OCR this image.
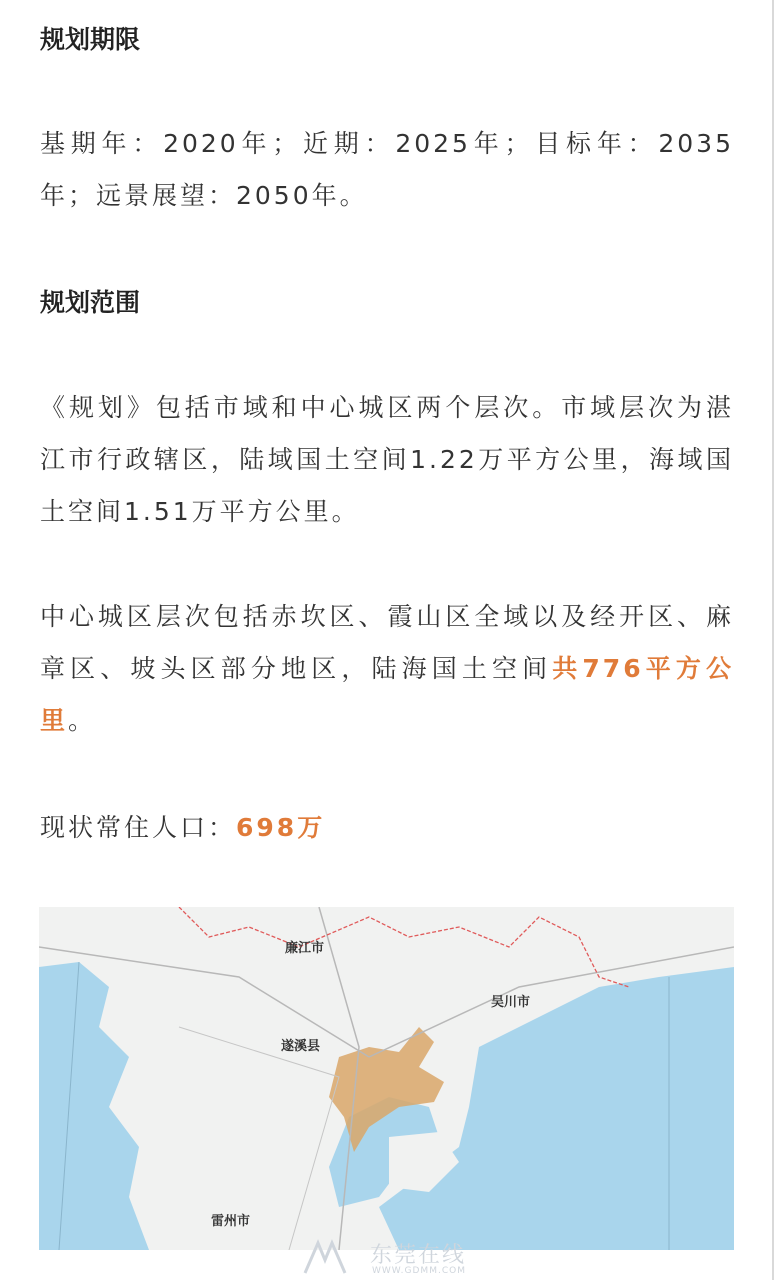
规划期限

基期年：2020年；近期：2025年；目标年：2035年；远景展望：2050年。

规划范围

《规划》包括市域和中心城区两个层次。市域层次为湛江市行政辖区，陆域国土空间1.22万平方公里，海域国土空间1.51万平方公里。

中心城区层次包括赤坎区、霞山区全域以及经开区、麻章区、坡头区部分地区，陆海国土空间共776平方公里。

现状常住人口：698万

廉江市
吴川市
遂溪县
雷州市
东莞在线
WWW.GDMM.COM
